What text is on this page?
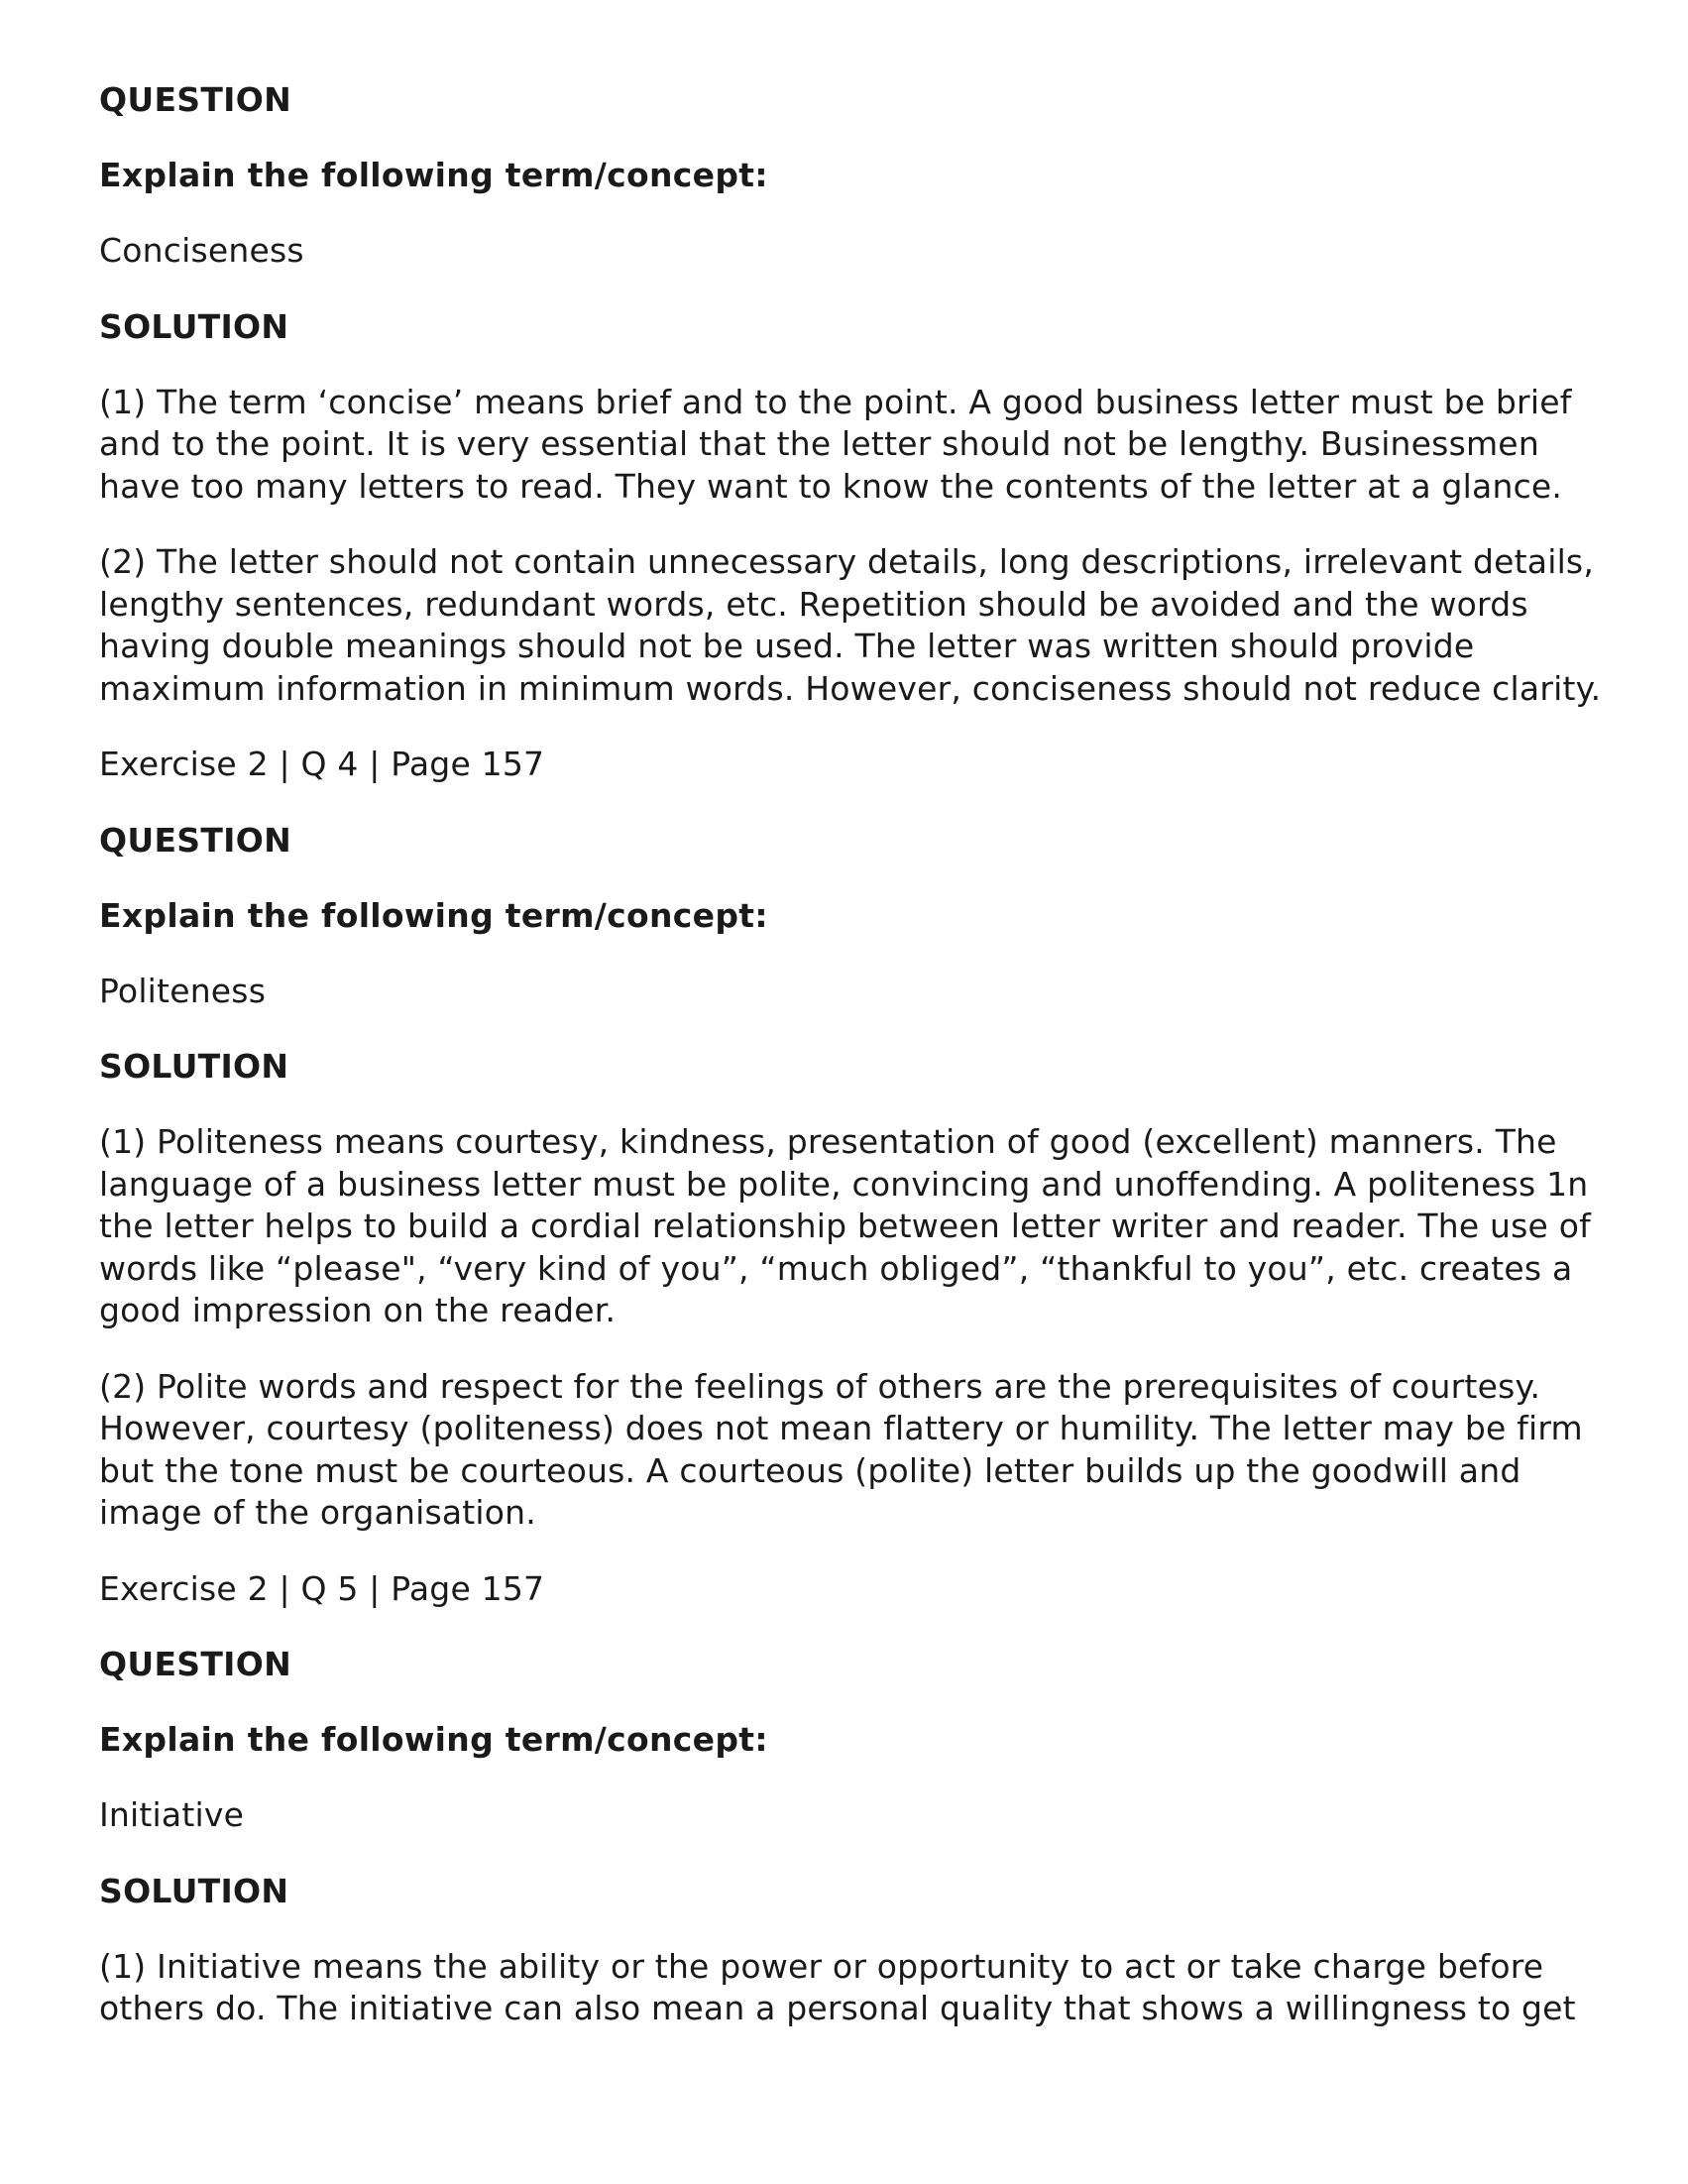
QUESTION
Explain the following term/concept:
Conciseness
SOLUTION
(1) The term ‘concise’ means brief and to the point. A good business letter must be brief and to the point. It is very essential that the letter should not be lengthy. Businessmen have too many letters to read. They want to know the contents of the letter at a glance.
(2) The letter should not contain unnecessary details, long descriptions, irrelevant details, lengthy sentences, redundant words, etc. Repetition should be avoided and the words having double meanings should not be used. The letter was written should provide maximum information in minimum words. However, conciseness should not reduce clarity.
Exercise 2 | Q 4 | Page 157
QUESTION
Explain the following term/concept:
Politeness
SOLUTION
(1) Politeness means courtesy, kindness, presentation of good (excellent) manners. The language of a business letter must be polite, convincing and unoffending. A politeness 1n the letter helps to build a cordial relationship between letter writer and reader. The use of words like “please", “very kind of you”, “much obliged”, “thankful to you”, etc. creates a good impression on the reader.
(2) Polite words and respect for the feelings of others are the prerequisites of courtesy. However, courtesy (politeness) does not mean flattery or humility. The letter may be firm but the tone must be courteous. A courteous (polite) letter builds up the goodwill and image of the organisation.
Exercise 2 | Q 5 | Page 157
QUESTION
Explain the following term/concept:
Initiative
SOLUTION
(1) Initiative means the ability or the power or opportunity to act or take charge before others do. The initiative can also mean a personal quality that shows a willingness to get
